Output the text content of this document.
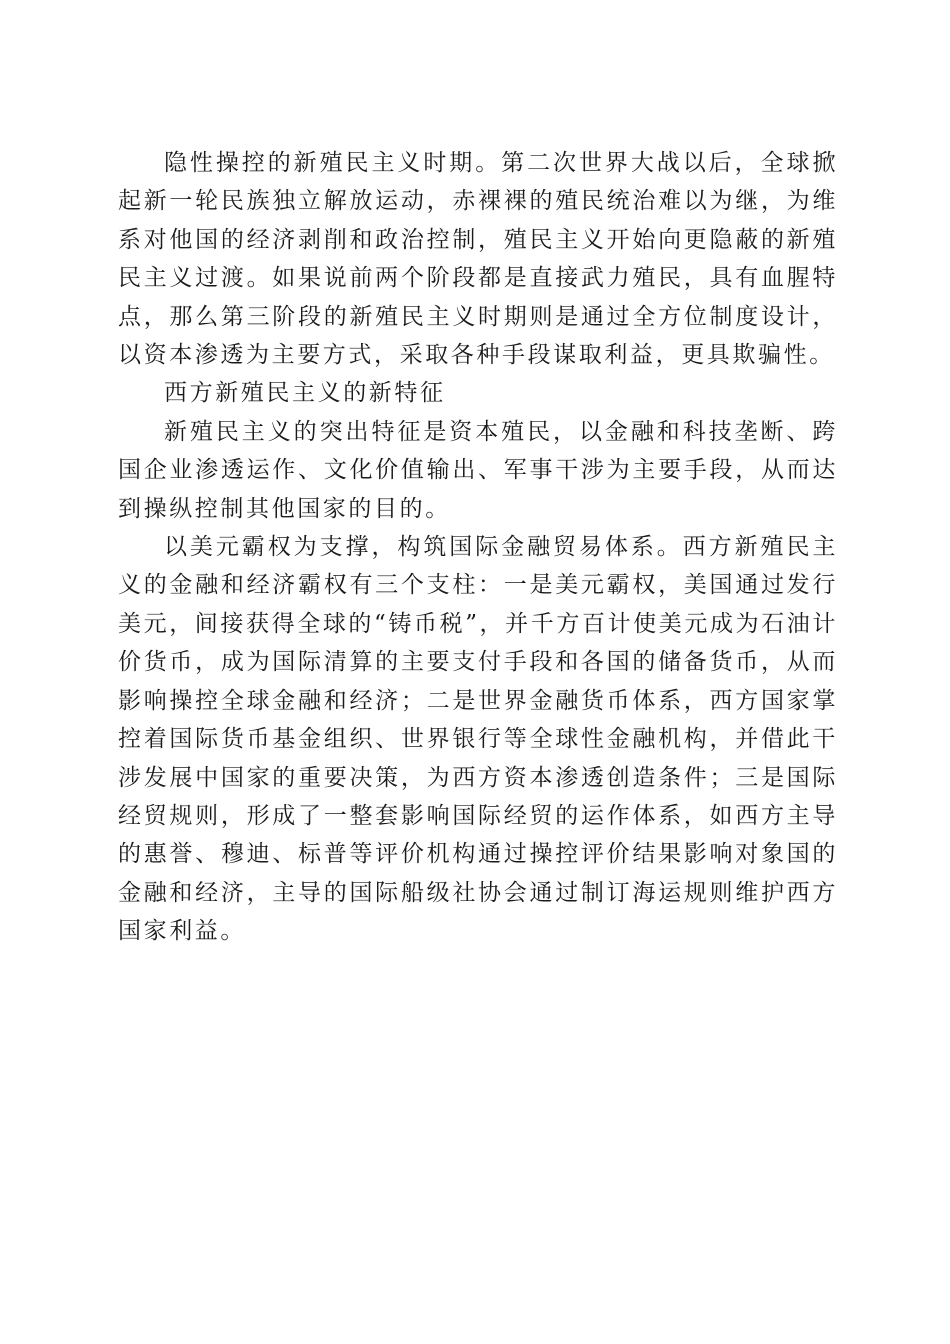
隐性操控的新殖民主义时期。第二次世界大战以后，全球掀起新一轮民族独立解放运动，赤裸裸的殖民统治难以为继，为维系对他国的经济剥削和政治控制，殖民主义开始向更隐蔽的新殖民主义过渡。如果说前两个阶段都是直接武力殖民，具有血腥特点，那么第三阶段的新殖民主义时期则是通过全方位制度设计，以资本渗透为主要方式，采取各种手段谋取利益，更具欺骗性。

西方新殖民主义的新特征

新殖民主义的突出特征是资本殖民，以金融和科技垄断、跨国企业渗透运作、文化价值输出、军事干涉为主要手段，从而达到操纵控制其他国家的目的。

以美元霸权为支撑，构筑国际金融贸易体系。西方新殖民主义的金融和经济霸权有三个支柱：一是美元霸权，美国通过发行美元，间接获得全球的“铸币税”，并千方百计使美元成为石油计价货币，成为国际清算的主要支付手段和各国的储备货币，从而影响操控全球金融和经济；二是世界金融货币体系，西方国家掌控着国际货币基金组织、世界银行等全球性金融机构，并借此干涉发展中国家的重要决策，为西方资本渗透创造条件；三是国际经贸规则，形成了一整套影响国际经贸的运作体系，如西方主导的惠誉、穆迪、标普等评价机构通过操控评价结果影响对象国的金融和经济，主导的国际船级社协会通过制订海运规则维护西方国家利益。
